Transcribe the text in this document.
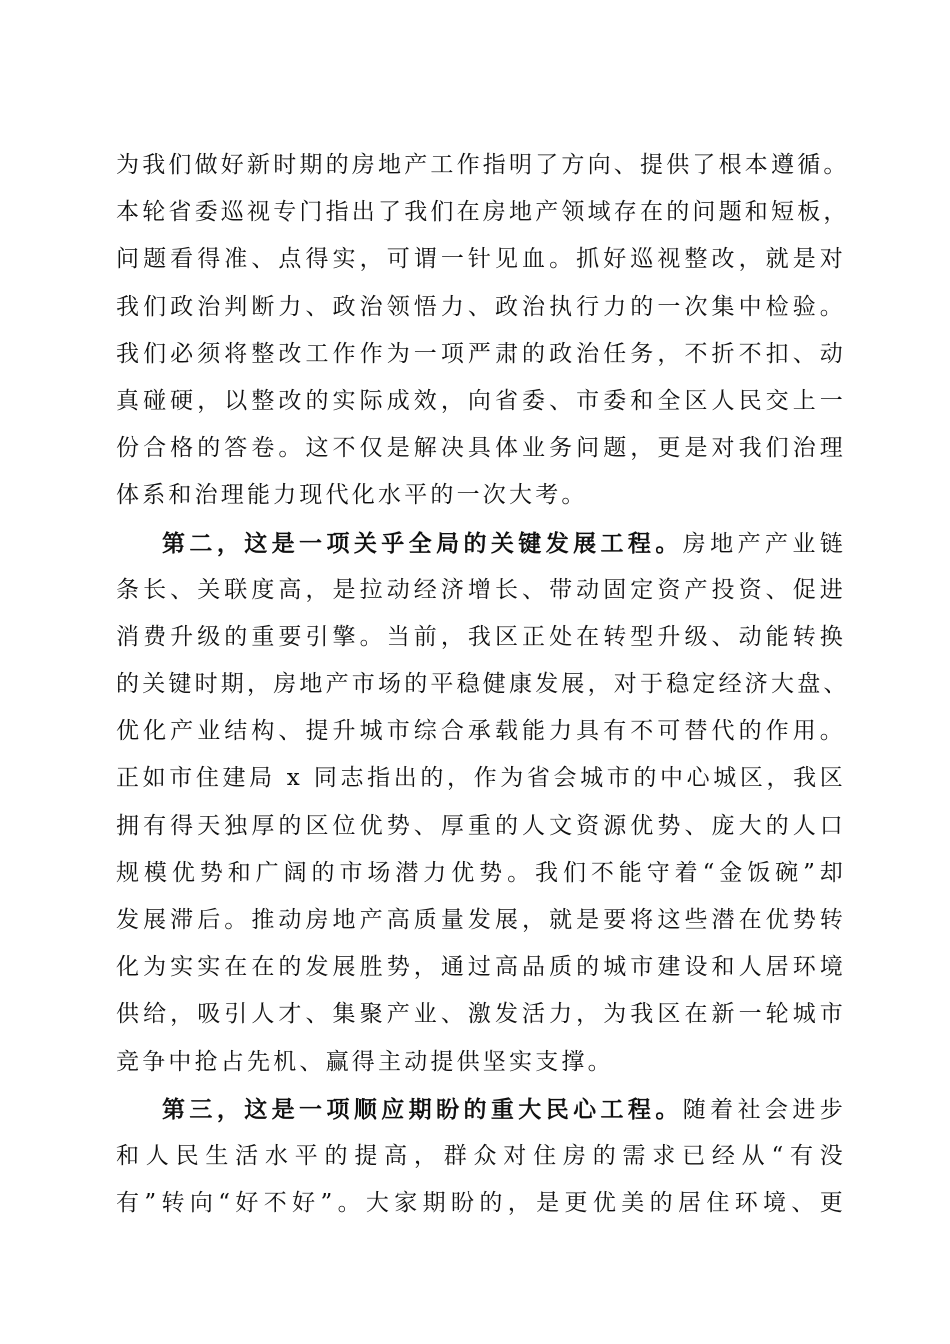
为我们做好新时期的房地产工作指明了方向、提供了根本遵循。
本轮省委巡视专门指出了我们在房地产领域存在的问题和短板，
问题看得准、点得实，可谓一针见血。抓好巡视整改，就是对
我们政治判断力、政治领悟力、政治执行力的一次集中检验。
我们必须将整改工作作为一项严肃的政治任务，不折不扣、动
真碰硬，以整改的实际成效，向省委、市委和全区人民交上一
份合格的答卷。这不仅是解决具体业务问题，更是对我们治理
体系和治理能力现代化水平的一次大考。
第二，这是一项关乎全局的关键发展工程。房地产产业链
条长、关联度高，是拉动经济增长、带动固定资产投资、促进
消费升级的重要引擎。当前，我区正处在转型升级、动能转换
的关键时期，房地产市场的平稳健康发展，对于稳定经济大盘、
优化产业结构、提升城市综合承载能力具有不可替代的作用。
正如市住建局 x 同志指出的，作为省会城市的中心城区，我区
拥有得天独厚的区位优势、厚重的人文资源优势、庞大的人口
规模优势和广阔的市场潜力优势。我们不能守着“金饭碗”却
发展滞后。推动房地产高质量发展，就是要将这些潜在优势转
化为实实在在的发展胜势，通过高品质的城市建设和人居环境
供给，吸引人才、集聚产业、激发活力，为我区在新一轮城市
竞争中抢占先机、赢得主动提供坚实支撑。
第三，这是一项顺应期盼的重大民心工程。随着社会进步
和人民生活水平的提高，群众对住房的需求已经从“有没
有”转向“好不好”。大家期盼的，是更优美的居住环境、更
